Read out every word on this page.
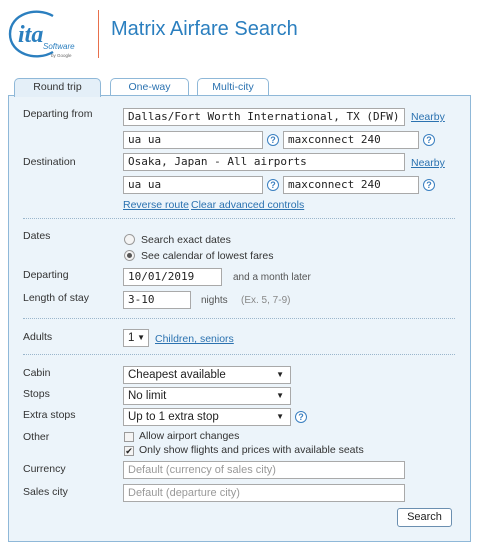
ita Software
by Google
Matrix Airfare Search
Round trip	One-way	Multi-city
Departing from	Dallas/Fort Worth International, TX (DFW)	Nearby
ua ua	?	maxconnect 240	?
Destination	Osaka, Japan - All airports	Nearby
ua ua	?	maxconnect 240	?
Reverse route Clear advanced controls
Dates	Search exact dates
See calendar of lowest fares
Departing	10/01/2019	and a month later
Length of stay	3-10	nights (Ex. 5, 7-9)
Adults	1 ▼ Children, seniors
Cabin	Cheapest available	▼
Stops	No limit	▼
Extra stops	Up to 1 extra stop	▼	?
Other	Allow airport changes
✔ Only show flights and prices with available seats
Currency	Default (currency of sales city)
Sales city	Default (departure city)
Search
